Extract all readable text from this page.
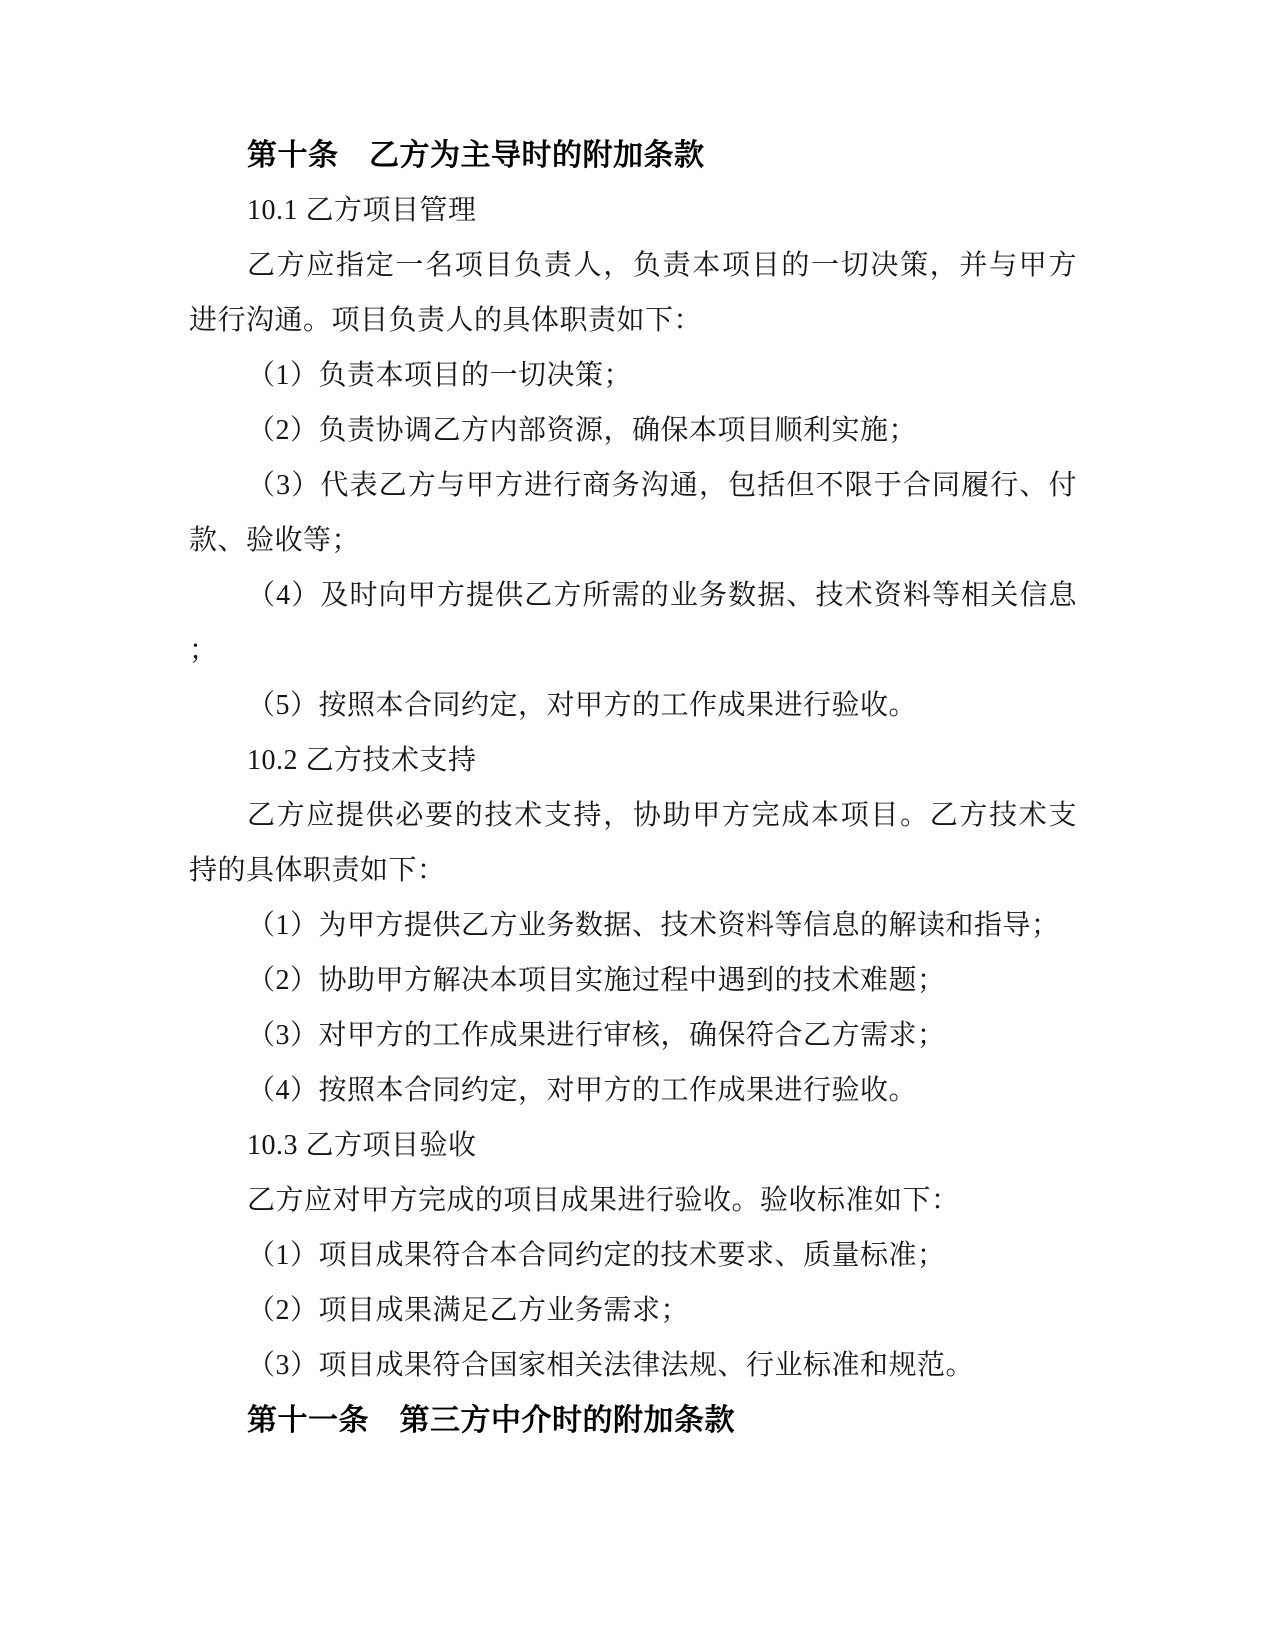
第十条　乙方为主导时的附加条款
10.1 乙方项目管理
乙方应指定一名项目负责人，负责本项目的一切决策，并与甲方
进行沟通。项目负责人的具体职责如下：
（1）负责本项目的一切决策；
（2）负责协调乙方内部资源，确保本项目顺利实施；
（3）代表乙方与甲方进行商务沟通，包括但不限于合同履行、付
款、验收等；
（4）及时向甲方提供乙方所需的业务数据、技术资料等相关信息
；
（5）按照本合同约定，对甲方的工作成果进行验收。
10.2 乙方技术支持
乙方应提供必要的技术支持，协助甲方完成本项目。乙方技术支
持的具体职责如下：
（1）为甲方提供乙方业务数据、技术资料等信息的解读和指导；
（2）协助甲方解决本项目实施过程中遇到的技术难题；
（3）对甲方的工作成果进行审核，确保符合乙方需求；
（4）按照本合同约定，对甲方的工作成果进行验收。
10.3 乙方项目验收
乙方应对甲方完成的项目成果进行验收。验收标准如下：
（1）项目成果符合本合同约定的技术要求、质量标准；
（2）项目成果满足乙方业务需求；
（3）项目成果符合国家相关法律法规、行业标准和规范。
第十一条　第三方中介时的附加条款
